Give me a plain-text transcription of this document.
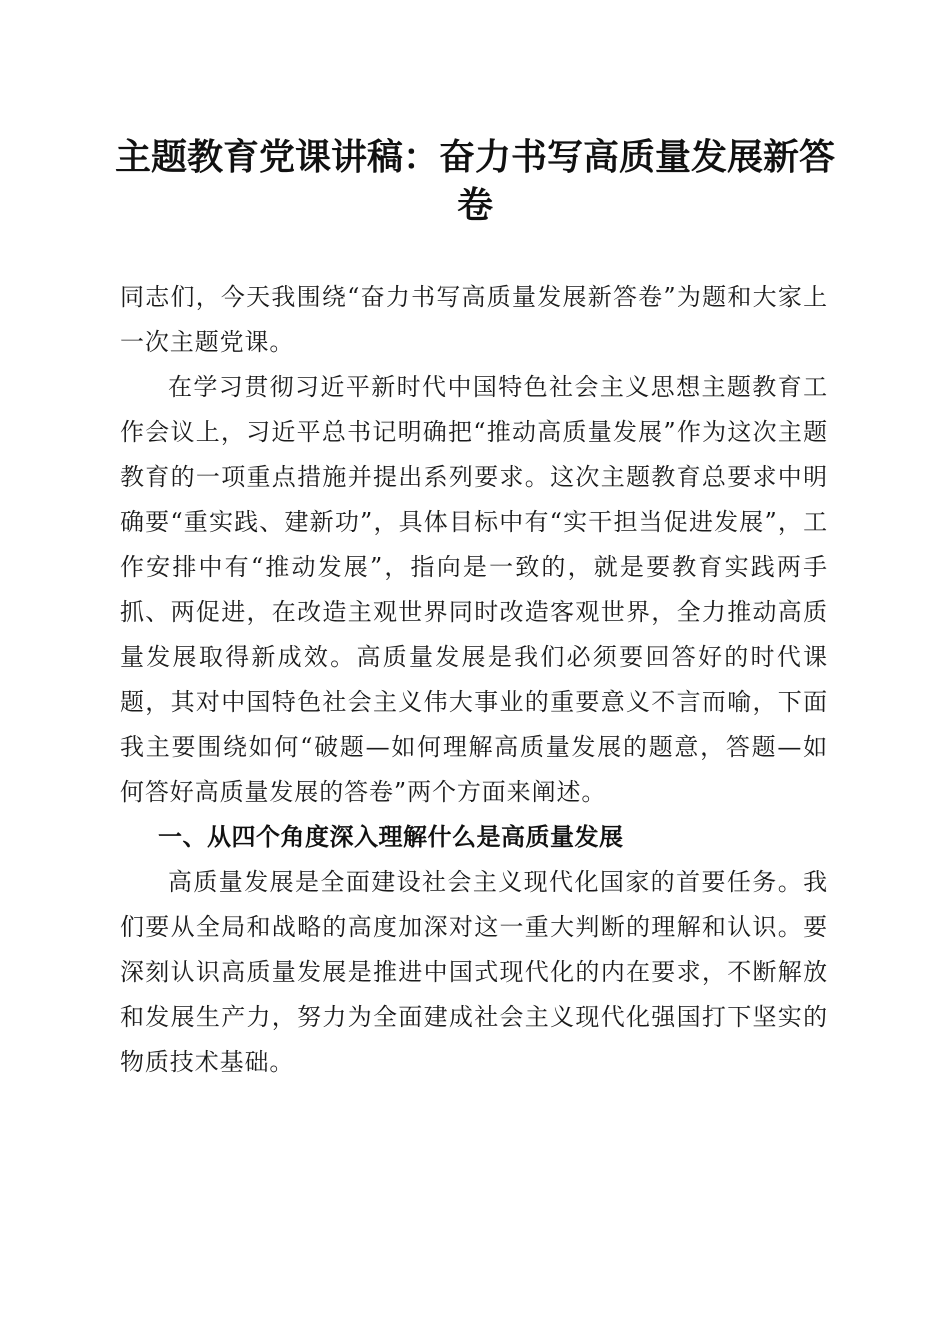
主题教育党课讲稿：奋力书写高质量发展新答卷

同志们，今天我围绕“奋力书写高质量发展新答卷”为题和大家上一次主题党课。

在学习贯彻习近平新时代中国特色社会主义思想主题教育工作会议上，习近平总书记明确把“推动高质量发展”作为这次主题教育的一项重点措施并提出系列要求。这次主题教育总要求中明确要“重实践、建新功”，具体目标中有“实干担当促进发展”，工作安排中有“推动发展”，指向是一致的，就是要教育实践两手抓、两促进，在改造主观世界同时改造客观世界，全力推动高质量发展取得新成效。高质量发展是我们必须要回答好的时代课题，其对中国特色社会主义伟大事业的重要意义不言而喻，下面我主要围绕如何“破题—如何理解高质量发展的题意，答题—如何答好高质量发展的答卷”两个方面来阐述。

一、从四个角度深入理解什么是高质量发展

高质量发展是全面建设社会主义现代化国家的首要任务。我们要从全局和战略的高度加深对这一重大判断的理解和认识。要深刻认识高质量发展是推进中国式现代化的内在要求，不断解放和发展生产力，努力为全面建成社会主义现代化强国打下坚实的物质技术基础。
